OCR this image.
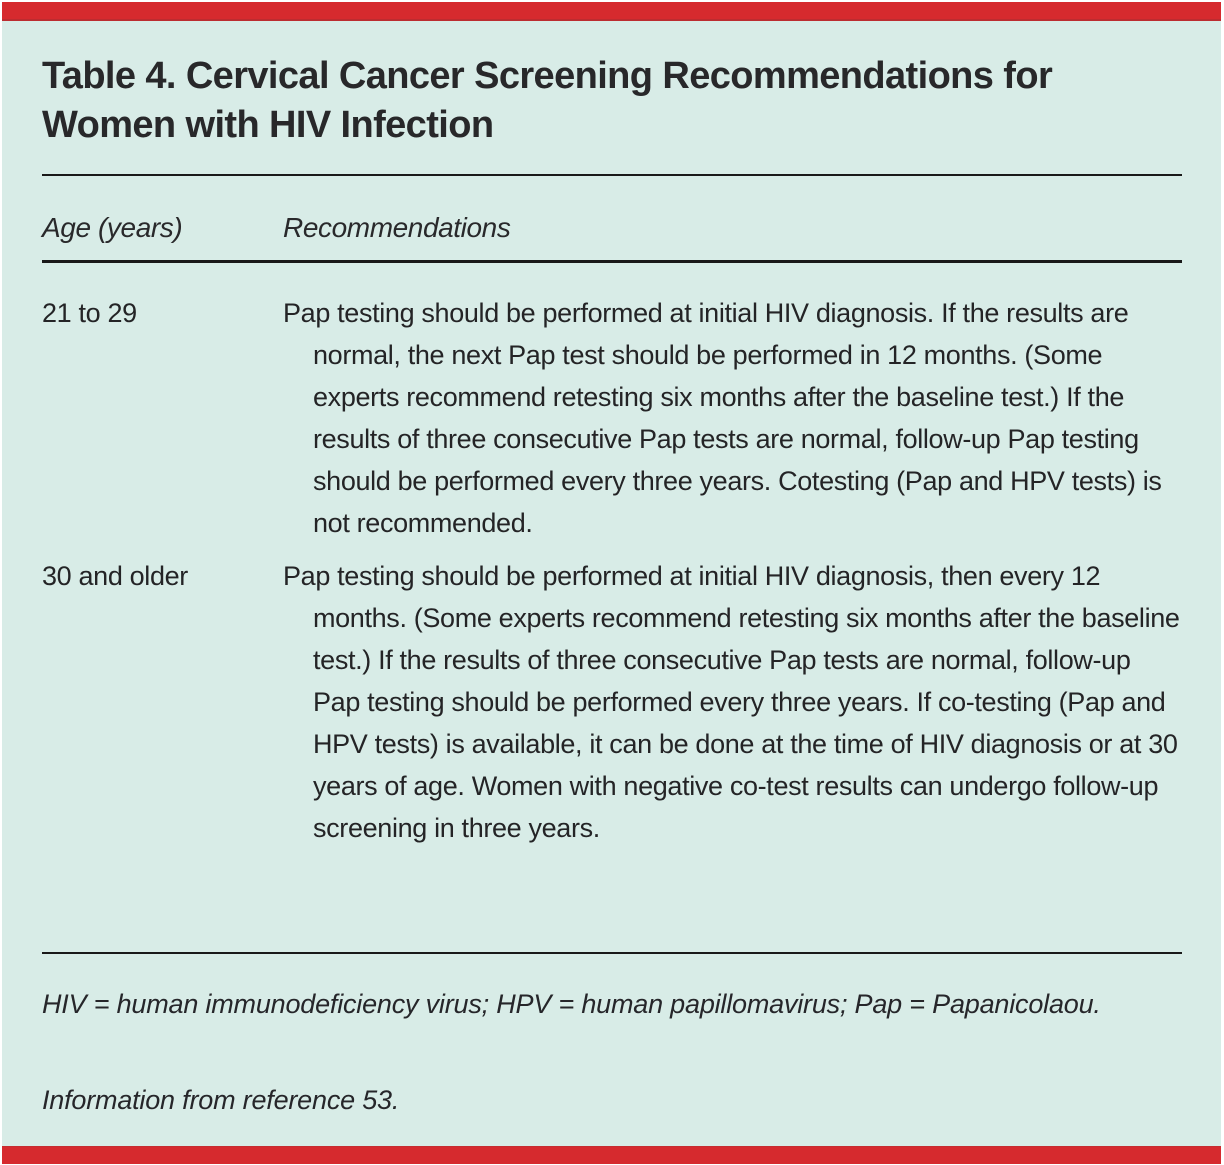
Table 4. Cervical Cancer Screening Recommendations for Women with HIV Infection
Age (years)	Recommendations
21 to 29	Pap testing should be performed at initial HIV diagnosis. If the results are normal, the next Pap test should be performed in 12 months. (Some experts recommend retesting six months after the baseline test.) If the results of three consecutive Pap tests are normal, follow-up Pap testing should be performed every three years. Cotesting (Pap and HPV tests) is not recommended.
30 and older	Pap testing should be performed at initial HIV diagnosis, then every 12 months. (Some experts recommend retesting six months after the baseline test.) If the results of three consecutive Pap tests are normal, follow-up Pap testing should be performed every three years. If co-testing (Pap and HPV tests) is available, it can be done at the time of HIV diagnosis or at 30 years of age. Women with negative co-test results can undergo follow-up screening in three years.

HIV = human immunodeficiency virus; HPV = human papillomavirus; Pap = Papanicolaou.

Information from reference 53.
